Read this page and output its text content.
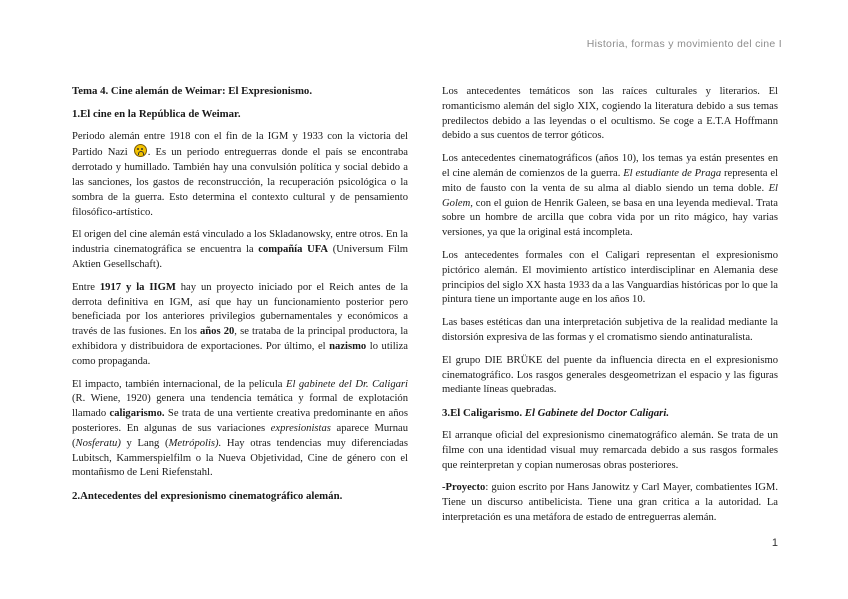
Historia, formas y movimiento del cine I

Tema 4. Cine alemán de Weimar: El Expresionismo.

1.El cine en la República de Weimar.

Periodo alemán entre 1918 con el fin de la IGM y 1933 con la victoria del Partido Nazi . Es un periodo entreguerras donde el país se encontraba derrotado y humillado. También hay una convulsión política y social debido a las sanciones, los gastos de reconstrucción, la recuperación psicológica o la sombra de la guerra. Esto determina el contexto cultural y de pensamiento filosófico-artístico.

El origen del cine alemán está vinculado a los Skladanowsky, entre otros. En la industria cinematográfica se encuentra la compañía UFA (Universum Film Aktien Gesellschaft).

Entre 1917 y la IIGM hay un proyecto iniciado por el Reich antes de la derrota definitiva en IGM, así que hay un funcionamiento posterior pero beneficiada por los anteriores privilegios gubernamentales y económicos a través de las fusiones. En los años 20, se trataba de la principal productora, la exhibidora y distribuidora de exportaciones. Por último, el nazismo lo utiliza como propaganda.

El impacto, también internacional, de la película El gabinete del Dr. Caligari (R. Wiene, 1920) genera una tendencia temática y formal de explotación llamado caligarismo. Se trata de una vertiente creativa predominante en años posteriores. En algunas de sus variaciones expresionistas aparece Murnau (Nosferatu) y Lang (Metrópolis). Hay otras tendencias muy diferenciadas Lubitsch, Kammerspielfilm o la Nueva Objetividad, Cine de género con el montañismo de Leni Riefenstahl.

2.Antecedentes del expresionismo cinematográfico alemán.

Los antecedentes temáticos son las raíces culturales y literarios. El romanticismo alemán del siglo XIX, cogiendo la literatura debido a sus temas predilectos debido a las leyendas o el ocultismo. Se coge a E.T.A Hoffmann debido a sus cuentos de terror góticos.

Los antecedentes cinematográficos (años 10), los temas ya están presentes en el cine alemán de comienzos de la guerra. El estudiante de Praga representa el mito de fausto con la venta de su alma al diablo siendo un tema doble. El Golem, con el guion de Henrik Galeen, se basa en una leyenda medieval. Trata sobre un hombre de arcilla que cobra vida por un rito mágico, hay varias versiones, ya que la original está incompleta.

Los antecedentes formales con el Caligari representan el expresionismo pictórico alemán. El movimiento artístico interdisciplinar en Alemania dese principios del siglo XX hasta 1933 da a las Vanguardias históricas por lo que la pintura tiene un importante auge en los años 10.

Las bases estéticas dan una interpretación subjetiva de la realidad mediante la distorsión expresiva de las formas y el cromatismo siendo antinaturalista.

El grupo DIE BRÜKE del puente da influencia directa en el expresionismo cinematográfico. Los rasgos generales desgeometrizan el espacio y las figuras mediante líneas quebradas.

3.El Caligarismo. El Gabinete del Doctor Caligari.

El arranque oficial del expresionismo cinematográfico alemán. Se trata de un filme con una identidad visual muy remarcada debido a sus rasgos formales que reinterpretan y copian numerosas obras posteriores.

-Proyecto: guion escrito por Hans Janowitz y Carl Mayer, combatientes IGM. Tiene un discurso antibelicista. Tiene una gran critica a la autoridad. La interpretación es una metáfora de estado de entreguerras alemán.

1
